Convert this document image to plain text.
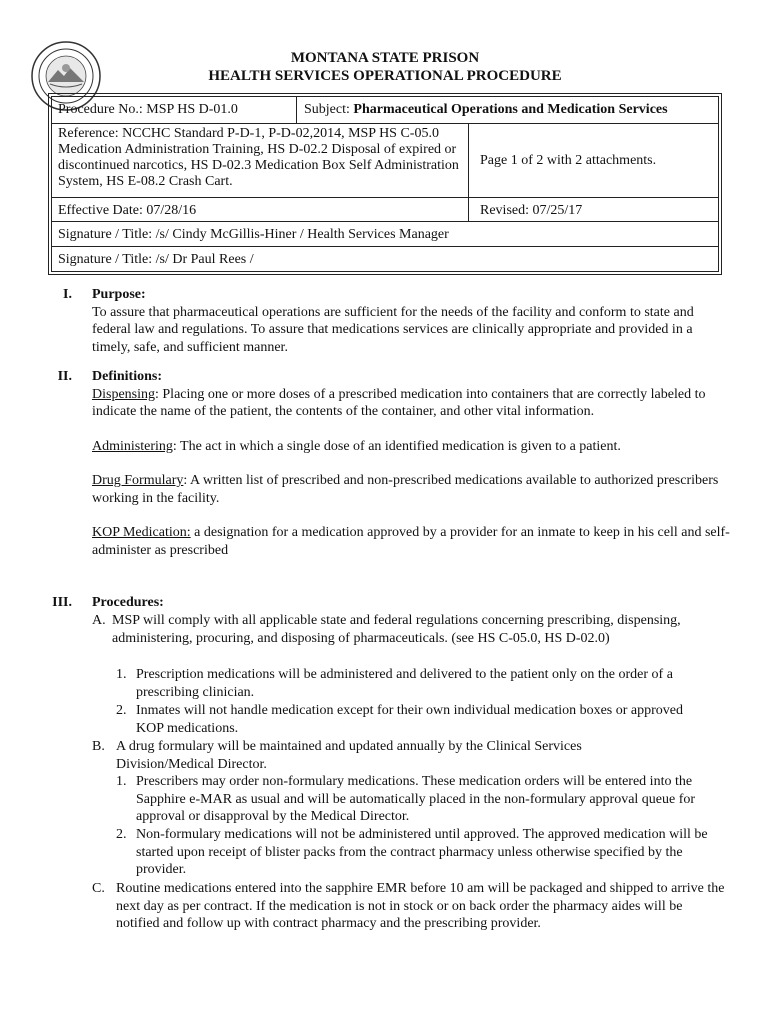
MONTANA STATE PRISON
HEALTH SERVICES OPERATIONAL PROCEDURE
Procedure No.: MSP HS D-01.0	Subject: Pharmaceutical Operations and Medication Services
Reference: NCCHC Standard P-D-1, P-D-02,2014, MSP HS C-05.0 Medication Administration Training, HS D-02.2 Disposal of expired or discontinued narcotics, HS D-02.3 Medication Box Self Administration System, HS E-08.2 Crash Cart.
Page 1 of 2 with 2 attachments.
Effective Date: 07/28/16	Revised: 07/25/17
Signature / Title: /s/ Cindy McGillis-Hiner / Health Services Manager
Signature / Title: /s/ Dr Paul Rees /
I. Purpose:
To assure that pharmaceutical operations are sufficient for the needs of the facility and conform to state and federal law and regulations. To assure that medications services are clinically appropriate and provided in a timely, safe, and sufficient manner.
II. Definitions:
Dispensing: Placing one or more doses of a prescribed medication into containers that are correctly labeled to indicate the name of the patient, the contents of the container, and other vital information.
Administering: The act in which a single dose of an identified medication is given to a patient.
Drug Formulary: A written list of prescribed and non-prescribed medications available to authorized prescribers working in the facility.
KOP Medication: a designation for a medication approved by a provider for an inmate to keep in his cell and self-administer as prescribed
III. Procedures:
A. MSP will comply with all applicable state and federal regulations concerning prescribing, dispensing, administering, procuring, and disposing of pharmaceuticals. (see HS C-05.0, HS D-02.0)
1. Prescription medications will be administered and delivered to the patient only on the order of a prescribing clinician.
2. Inmates will not handle medication except for their own individual medication boxes or approved KOP medications.
B. A drug formulary will be maintained and updated annually by the Clinical Services Division/Medical Director.
1. Prescribers may order non-formulary medications. These medication orders will be entered into the Sapphire e-MAR as usual and will be automatically placed in the non-formulary approval queue for approval or disapproval by the Medical Director.
2. Non-formulary medications will not be administered until approved. The approved medication will be started upon receipt of blister packs from the contract pharmacy unless otherwise specified by the provider.
C. Routine medications entered into the sapphire EMR before 10 am will be packaged and shipped to arrive the next day as per contract. If the medication is not in stock or on back order the pharmacy aides will be notified and follow up with contract pharmacy and the prescribing provider.
